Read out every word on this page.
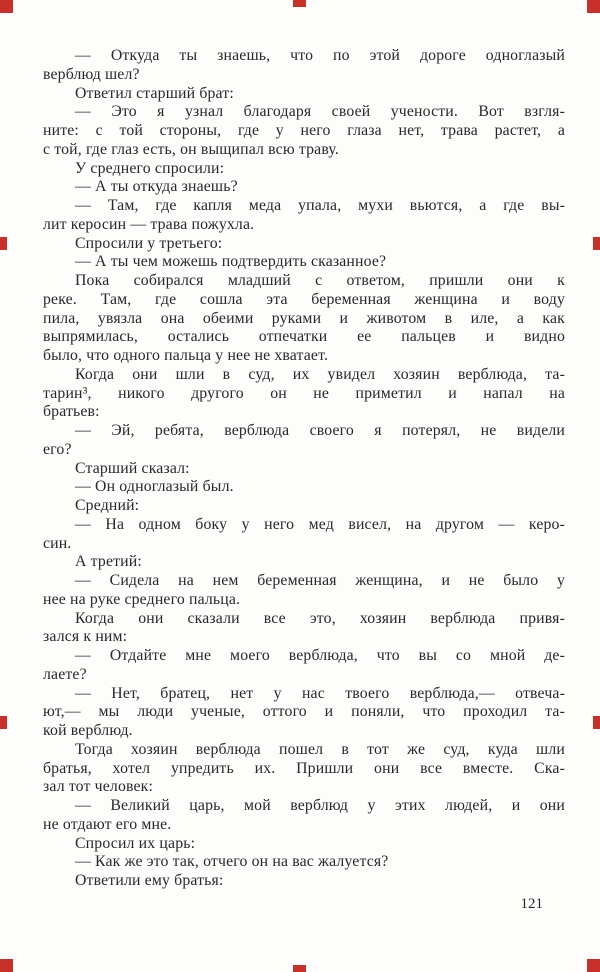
— Откуда ты знаешь, что по этой дороге одноглазый
верблюд шел?
Ответил старший брат:
— Это я узнал благодаря своей учености. Вот взгля-
ните: с той стороны, где у него глаза нет, трава растет, а
с той, где глаз есть, он выщипал всю траву.
У среднего спросили:
— А ты откуда знаешь?
— Там, где капля меда упала, мухи вьются, а где вы-
лит керосин — трава пожухла.
Спросили у третьего:
— А ты чем можешь подтвердить сказанное?
Пока собирался младший с ответом, пришли они к
реке. Там, где сошла эта беременная женщина и воду
пила, увязла она обеими руками и животом в иле, а как
выпрямилась, остались отпечатки ее пальцев и видно
было, что одного пальца у нее не хватает.
Когда они шли в суд, их увидел хозяин верблюда, та-
тарин³, никого другого он не приметил и напал на
братьев:
— Эй, ребята, верблюда своего я потерял, не видели
его?
Старший сказал:
— Он одноглазый был.
Средний:
— На одном боку у него мед висел, на другом — керо-
син.
А третий:
— Сидела на нем беременная женщина, и не было у
нее на руке среднего пальца.
Когда они сказали все это, хозяин верблюда привя-
зался к ним:
— Отдайте мне моего верблюда, что вы со мной де-
лаете?
— Нет, братец, нет у нас твоего верблюда,— отвеча-
ют,— мы люди ученые, оттого и поняли, что проходил та-
кой верблюд.
Тогда хозяин верблюда пошел в тот же суд, куда шли
братья, хотел упредить их. Пришли они все вместе. Ска-
зал тот человек:
— Великий царь, мой верблюд у этих людей, и они
не отдают его мне.
Спросил их царь:
— Как же это так, отчего он на вас жалуется?
Ответили ему братья:
121
